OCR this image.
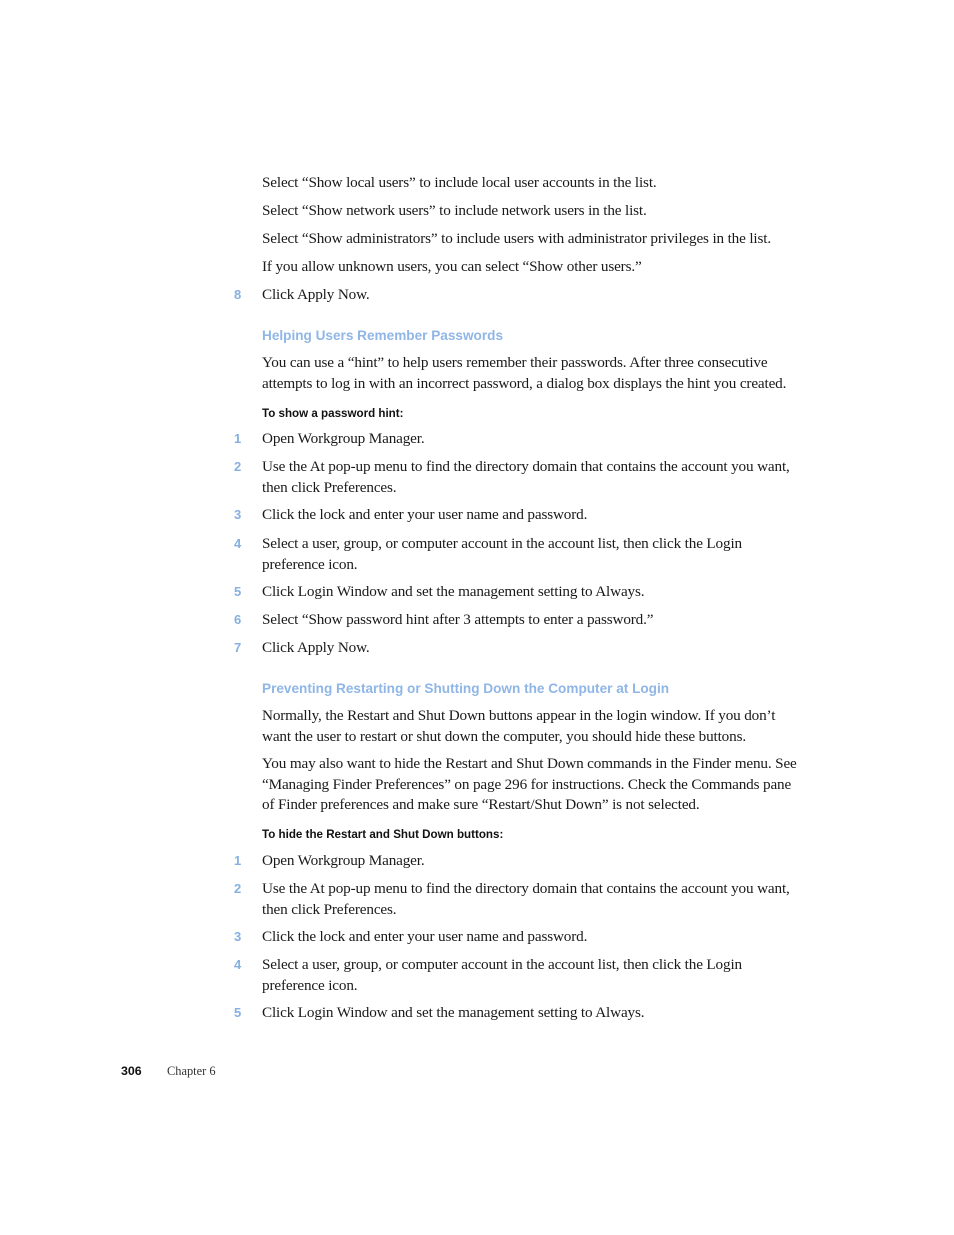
Select “Show local users” to include local user accounts in the list.
Select “Show network users” to include network users in the list.
Select “Show administrators” to include users with administrator privileges in the list.
If you allow unknown users, you can select “Show other users.”
8	Click Apply Now.
Helping Users Remember Passwords
You can use a “hint” to help users remember their passwords. After three consecutive attempts to log in with an incorrect password, a dialog box displays the hint you created.
To show a password hint:
1	Open Workgroup Manager.
2	Use the At pop-up menu to find the directory domain that contains the account you want, then click Preferences.
3	Click the lock and enter your user name and password.
4	Select a user, group, or computer account in the account list, then click the Login preference icon.
5	Click Login Window and set the management setting to Always.
6	Select “Show password hint after 3 attempts to enter a password.”
7	Click Apply Now.
Preventing Restarting or Shutting Down the Computer at Login
Normally, the Restart and Shut Down buttons appear in the login window. If you don’t want the user to restart or shut down the computer, you should hide these buttons.
You may also want to hide the Restart and Shut Down commands in the Finder menu. See “Managing Finder Preferences” on page 296 for instructions. Check the Commands pane of Finder preferences and make sure “Restart/Shut Down” is not selected.
To hide the Restart and Shut Down buttons:
1	Open Workgroup Manager.
2	Use the At pop-up menu to find the directory domain that contains the account you want, then click Preferences.
3	Click the lock and enter your user name and password.
4	Select a user, group, or computer account in the account list, then click the Login preference icon.
5	Click Login Window and set the management setting to Always.
306 Chapter 6
